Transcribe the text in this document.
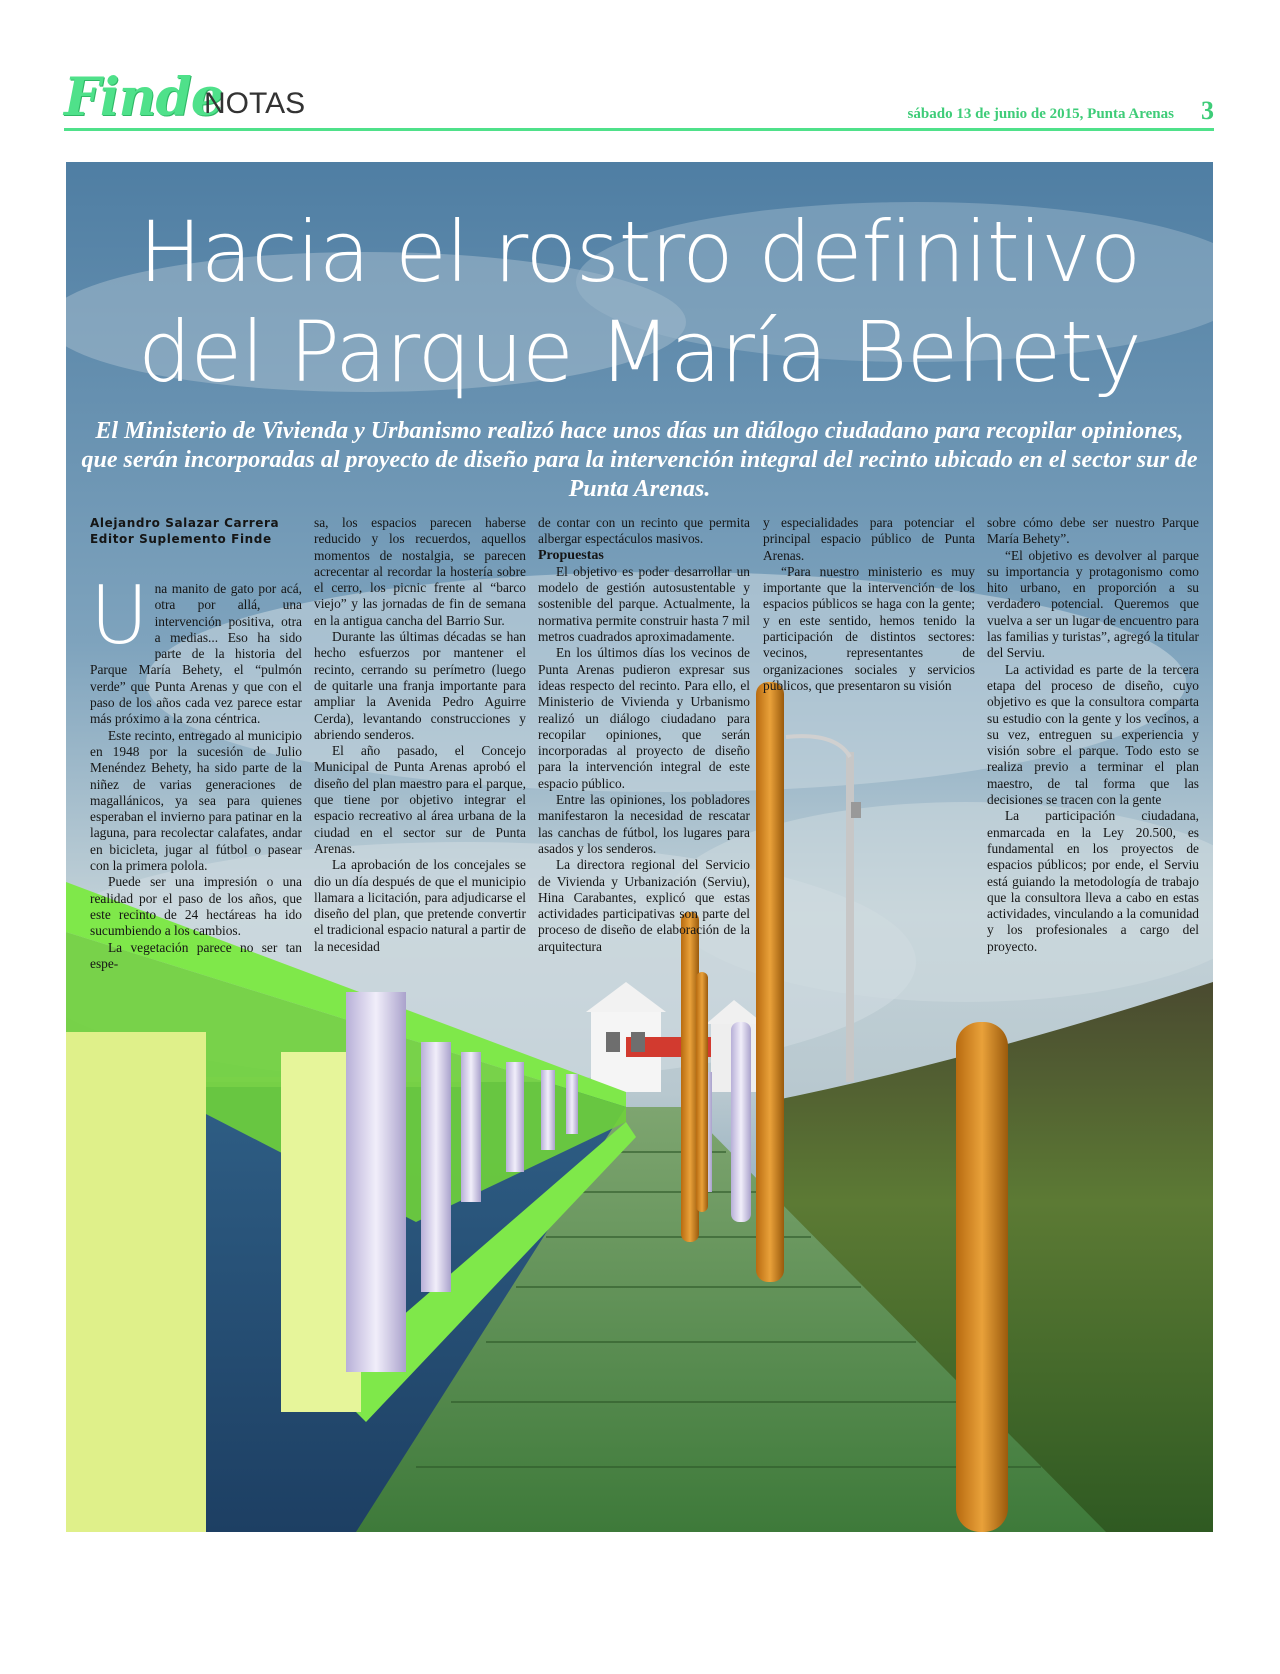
Finde
NOTAS	sábado 13 de junio de 2015, Punta Arenas 3
Hacia el rostro definitivo
del Parque María Behety
El Ministerio de Vivienda y Urbanismo realizó hace unos días un diálogo ciudadano para recopilar opiniones, que serán incorporadas al proyecto de diseño para la intervención integral del recinto ubicado en el sector sur de Punta Arenas.
Alejandro Salazar Carrera
Editor Suplemento Finde
U na manito de gato por acá, otra por allá, una intervención positiva, otra a medias... Eso ha sido parte de la historia del Parque María Behety, el “pulmón verde” que Punta Arenas y que con el paso de los años cada vez parece estar más próximo a la zona céntrica.

Este recinto, entregado al municipio en 1948 por la sucesión de Julio Menéndez Behety, ha sido parte de la niñez de varias generaciones de magallánicos, ya sea para quienes esperaban el invierno para patinar en la laguna, para recolectar calafates, andar en bicicleta, jugar al fútbol o pasear con la primera polola.

Puede ser una impresión o una realidad por el paso de los años, que este recinto de 24 hectáreas ha ido sucumbiendo a los cambios.

La vegetación parece no ser tan espe-

sa, los espacios parecen haberse reducido y los recuerdos, aquellos momentos de nostalgia, se parecen acrecentar al recordar la hostería sobre el cerro, los picnic frente al “barco viejo” y las jornadas de fin de semana en la antigua cancha del Barrio Sur.

Durante las últimas décadas se han hecho esfuerzos por mantener el recinto, cerrando su perímetro (luego de quitarle una franja importante para ampliar la Avenida Pedro Aguirre Cerda), levantando construcciones y abriendo senderos.

El año pasado, el Concejo Municipal de Punta Arenas aprobó el diseño del plan maestro para el parque, que tiene por objetivo integrar el espacio recreativo al área urbana de la ciudad en el sector sur de Punta Arenas.

La aprobación de los concejales se dio un día después de que el municipio llamara a licitación, para adjudicarse el diseño del plan, que pretende convertir el tradicional espacio natural a partir de la necesidad

de contar con un recinto que permita albergar espectáculos masivos.

Propuestas

El objetivo es poder desarrollar un modelo de gestión autosustentable y sostenible del parque. Actualmente, la normativa permite construir hasta 7 mil metros cuadrados aproximadamente.

En los últimos días los vecinos de Punta Arenas pudieron expresar sus ideas respecto del recinto. Para ello, el Ministerio de Vivienda y Urbanismo realizó un diálogo ciudadano para recopilar opiniones, que serán incorporadas al proyecto de diseño para la intervención integral de este espacio público.

Entre las opiniones, los pobladores manifestaron la necesidad de rescatar las canchas de fútbol, los lugares para asados y los senderos.

La directora regional del Servicio de Vivienda y Urbanización (Serviu), Hina Carabantes, explicó que estas actividades participativas son parte del proceso de diseño de elaboración de la arquitectura

y especialidades para potenciar el principal espacio público de Punta Arenas.

“Para nuestro ministerio es muy importante que la intervención de los espacios públicos se haga con la gente; y en este sentido, hemos tenido la participación de distintos sectores: vecinos, representantes de organizaciones sociales y servicios públicos, que presentaron su visión

sobre cómo debe ser nuestro Parque María Behety”.

“El objetivo es devolver al parque su importancia y protagonismo como hito urbano, en proporción a su verdadero potencial. Queremos que vuelva a ser un lugar de encuentro para las familias y turistas”, agregó la titular del Serviu.

La actividad es parte de la tercera etapa del proceso de diseño, cuyo objetivo es que la consultora comparta su estudio con la gente y los vecinos, a su vez, entreguen su experiencia y visión sobre el parque. Todo esto se realiza previo a terminar el plan maestro, de tal forma que las decisiones se tracen con la gente

La participación ciudadana, enmarcada en la Ley 20.500, es fundamental en los proyectos de espacios públicos; por ende, el Serviu está guiando la metodología de trabajo que la consultora lleva a cabo en estas actividades, vinculando a la comunidad y los profesionales a cargo del proyecto.
